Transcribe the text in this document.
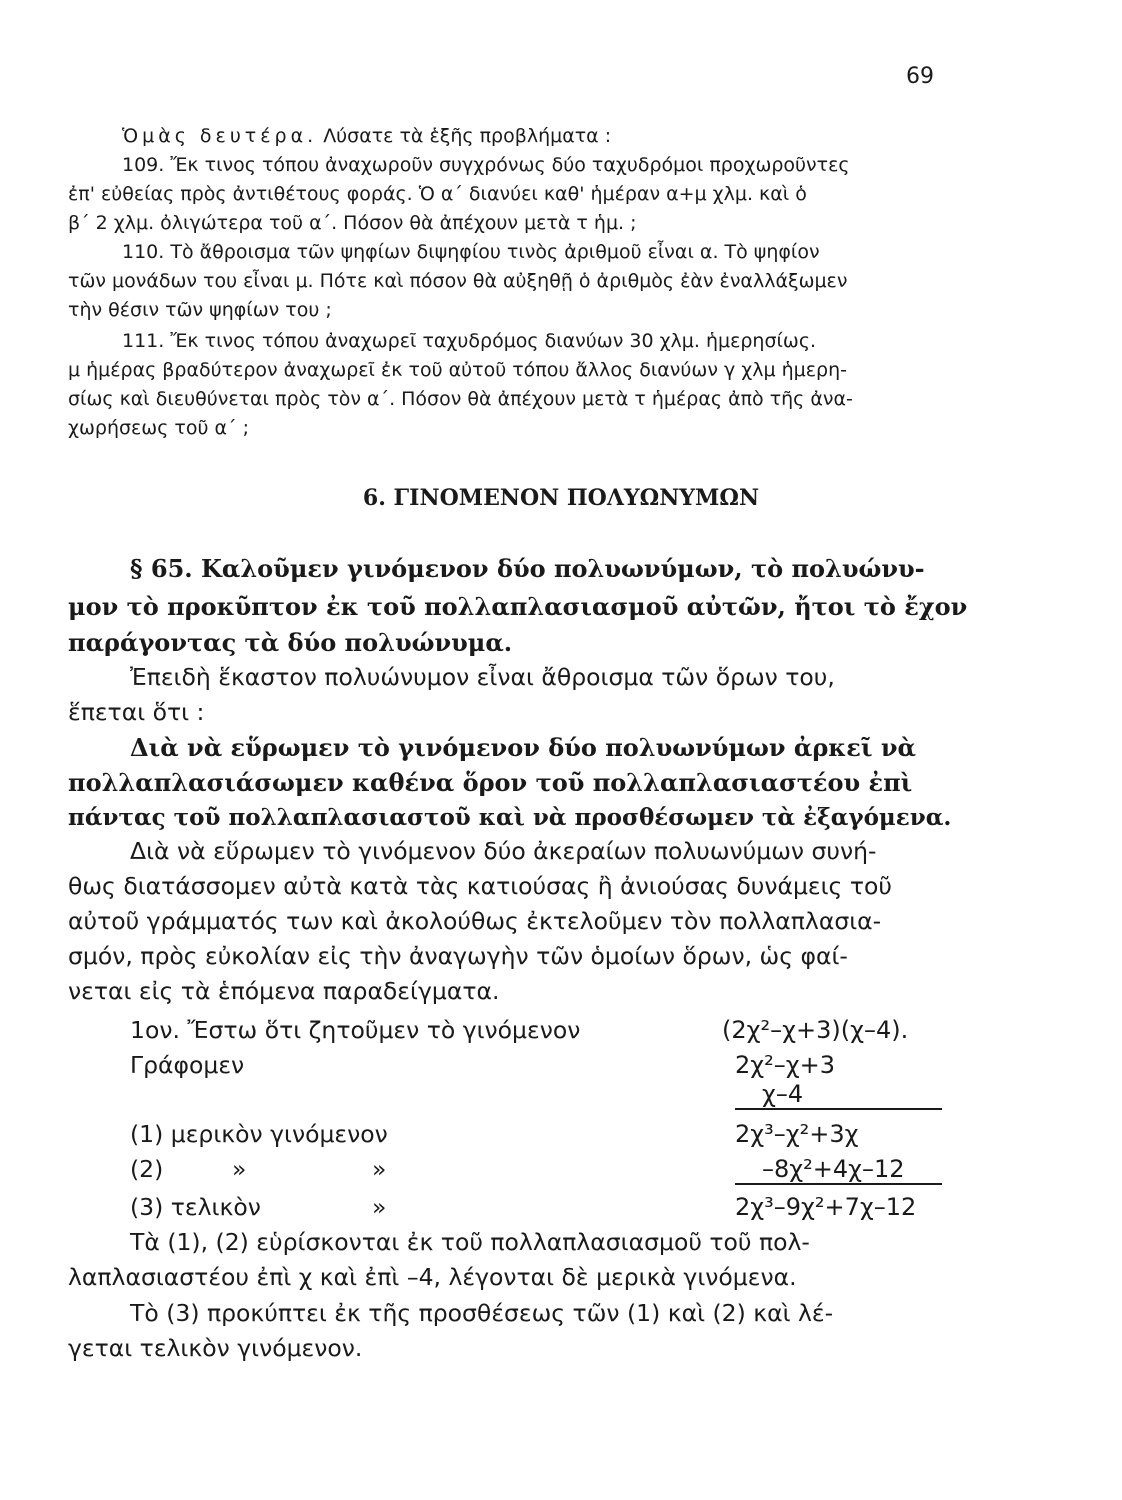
69
Ὁμὰς δευτέρα. Λύσατε τὰ ἑξῆς προβλήματα :
109. Ἔκ τινος τόπου ἀναχωροῦν συγχρόνως δύο ταχυδρόμοι προχωροῦντες
ἐπ' εὐθείας πρὸς ἀντιθέτους φοράς. Ὁ α΄ διανύει καθ' ἡμέραν α+μ χλμ. καὶ ὁ
β΄ 2 χλμ. ὀλιγώτερα τοῦ α΄. Πόσον θὰ ἀπέχουν μετὰ τ ἡμ. ;
110. Τὸ ἄθροισμα τῶν ψηφίων διψηφίου τινὸς ἀριθμοῦ εἶναι α. Τὸ ψηφίον
τῶν μονάδων του εἶναι μ. Πότε καὶ πόσον θὰ αὐξηθῇ ὁ ἀριθμὸς ἐὰν ἐναλλάξωμεν
τὴν θέσιν τῶν ψηφίων του ;
111. Ἔκ τινος τόπου ἀναχωρεῖ ταχυδρόμος διανύων 30 χλμ. ἡμερησίως.
μ ἡμέρας βραδύτερον ἀναχωρεῖ ἐκ τοῦ αὐτοῦ τόπου ἄλλος διανύων γ χλμ ἡμερη-
σίως καὶ διευθύνεται πρὸς τὸν α΄. Πόσον θὰ ἀπέχουν μετὰ τ ἡμέρας ἀπὸ τῆς ἀνα-
χωρήσεως τοῦ α΄ ;
6. ΓΙΝΟΜΕΝΟΝ ΠΟΛΥΩΝΥΜΩΝ
§ 65. Καλοῦμεν γινόμενον δύο πολυωνύμων, τὸ πολυώνυ-
μον τὸ προκῦπτον ἐκ τοῦ πολλαπλασιασμοῦ αὐτῶν, ἤτοι τὸ ἔχον
παράγοντας τὰ δύο πολυώνυμα.
Ἐπειδὴ ἕκαστον πολυώνυμον εἶναι ἄθροισμα τῶν ὅρων του,
ἕπεται ὅτι :
Διὰ νὰ εὕρωμεν τὸ γινόμενον δύο πολυωνύμων ἀρκεῖ νὰ
πολλαπλασιάσωμεν καθένα ὅρον τοῦ πολλαπλασιαστέου ἐπὶ
πάντας τοῦ πολλαπλασιαστοῦ καὶ νὰ προσθέσωμεν τὰ ἐξαγόμενα.
Διὰ νὰ εὕρωμεν τὸ γινόμενον δύο ἀκεραίων πολυωνύμων συνή-
θως διατάσσομεν αὐτὰ κατὰ τὰς κατιούσας ἢ ἀνιούσας δυνάμεις τοῦ
αὐτοῦ γράμματός των καὶ ἀκολούθως ἐκτελοῦμεν τὸν πολλαπλασια-
σμόν, πρὸς εὐκολίαν εἰς τὴν ἀναγωγὴν τῶν ὁμοίων ὅρων, ὡς φαί-
νεται εἰς τὰ ἑπόμενα παραδείγματα.
1ον. Ἔστω ὅτι ζητοῦμεν τὸ γινόμενον	(2χ²–χ+3)(χ–4).
Γράφομεν	2χ²–χ+3
χ–4
(1) μερικὸν γινόμενον	2χ³–χ²+3χ
(2)	»	»	–8χ²+4χ–12
(3) τελικὸν	»	2χ³–9χ²+7χ–12
Τὰ (1), (2) εὑρίσκονται ἐκ τοῦ πολλαπλασιασμοῦ τοῦ πολ-
λαπλασιαστέου ἐπὶ χ καὶ ἐπὶ –4, λέγονται δὲ μερικὰ γινόμενα.
Τὸ (3) προκύπτει ἐκ τῆς προσθέσεως τῶν (1) καὶ (2) καὶ λέ-
γεται τελικὸν γινόμενον.
